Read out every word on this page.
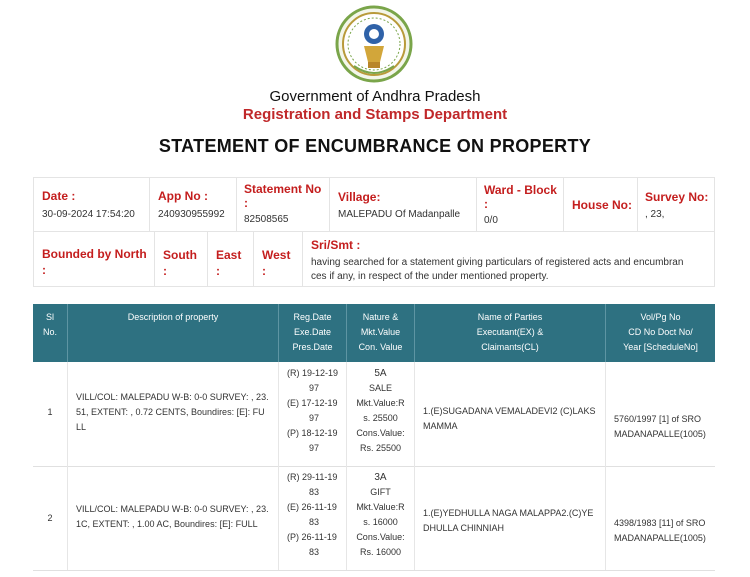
Government of Andhra Pradesh
Registration and Stamps Department
STATEMENT OF ENCUMBRANCE ON PROPERTY
Date :
30-09-2024 17:54:20
App No :
240930955992
Statement No
:
82508565
Village:
MALEPADU Of Madanpalle
Ward - Block
:
0/0
House No:
Survey No:
, 23,
Bounded by North
:
South
:
East
:
West
:
Sri/Smt :
having searched for a statement giving particulars of registered acts and encumbran
ces if any, in respect of the under mentioned property.
Sl
No.
Description of property	Reg.Date
Exe.Date
Pres.Date
Nature &
Mkt.Value
Con. Value
Name of Parties
Executant(EX) &
Claimants(CL)
Vol/Pg No
CD No Doct No/
Year [ScheduleNo]
1
VILL/COL: MALEPADU W-B: 0-0 SURVEY: , 23.
51, EXTENT: , 0.72 CENTS, Boundires: [E]: FU
LL
(R) 19-12-19
97
(E) 17-12-19
97
(P) 18-12-19
97
5A
SALE
Mkt.Value:R
s. 25500
Cons.Value:
Rs. 25500
1.(E)SUGADANA VEMALADEVI2 (C)LAKS
MAMMA
5760/1997 [1] of SRO
MADANAPALLE(1005)
2
VILL/COL: MALEPADU W-B: 0-0 SURVEY: , 23.
1C, EXTENT: , 1.00 AC, Boundires: [E]: FULL
(R) 29-11-19
83
(E) 26-11-19
83
(P) 26-11-19
83
3A
GIFT
Mkt.Value:R
s. 16000
Cons.Value:
Rs. 16000
1.(E)YEDHULLA NAGA MALAPPA2.(C)YE
DHULLA CHINNIAH	4398/1983 [11] of SRO
MADANAPALLE(1005)
